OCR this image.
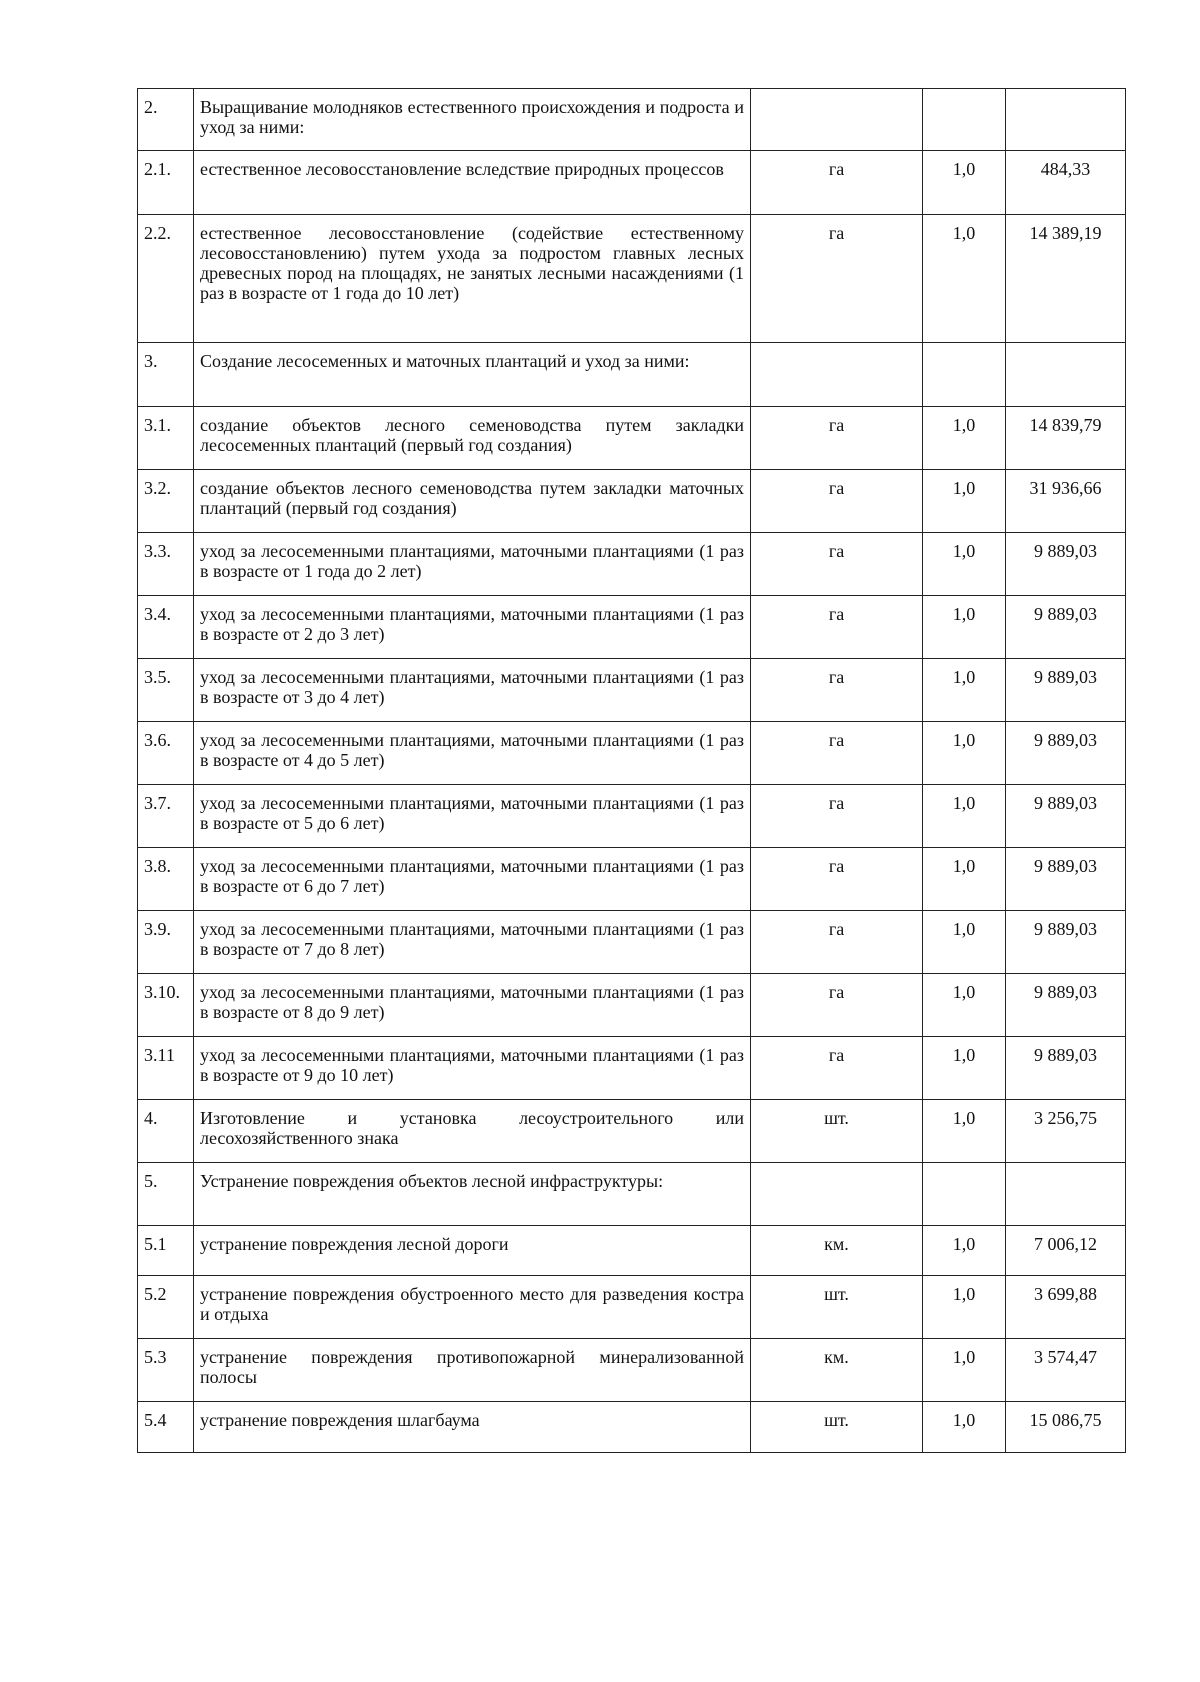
2.	Выращивание молодняков естественного происхождения и подроста и уход за ними:			
2.1.	естественное лесовосстановление вследствие природных процессов	га	1,0	484,33
2.2.	естественное лесовосстановление (содействие естественному лесовосстановлению) путем ухода за подростом главных лесных древесных пород на площадях, не занятых лесными насаждениями (1 раз в возрасте от 1 года до 10 лет)	га	1,0	14 389,19
3.	Создание лесосеменных и маточных плантаций и уход за ними:			
3.1.	создание объектов лесного семеноводства путем закладки лесосеменных плантаций (первый год создания)	га	1,0	14 839,79
3.2.	создание объектов лесного семеноводства путем закладки маточных плантаций (первый год создания)	га	1,0	31 936,66
3.3.	уход за лесосеменными плантациями, маточными плантациями (1 раз в возрасте от 1 года до 2 лет)	га	1,0	9 889,03
3.4.	уход за лесосеменными плантациями, маточными плантациями (1 раз в возрасте от 2 до 3 лет)	га	1,0	9 889,03
3.5.	уход за лесосеменными плантациями, маточными плантациями (1 раз в возрасте от 3 до 4 лет)	га	1,0	9 889,03
3.6.	уход за лесосеменными плантациями, маточными плантациями (1 раз в возрасте от 4 до 5 лет)	га	1,0	9 889,03
3.7.	уход за лесосеменными плантациями, маточными плантациями (1 раз в возрасте от 5 до 6 лет)	га	1,0	9 889,03
3.8.	уход за лесосеменными плантациями, маточными плантациями (1 раз в возрасте от 6 до 7 лет)	га	1,0	9 889,03
3.9.	уход за лесосеменными плантациями, маточными плантациями (1 раз в возрасте от 7 до 8 лет)	га	1,0	9 889,03
3.10.	уход за лесосеменными плантациями, маточными плантациями (1 раз в возрасте от 8 до 9 лет)	га	1,0	9 889,03
3.11	уход за лесосеменными плантациями, маточными плантациями (1 раз в возрасте от 9 до 10 лет)	га	1,0	9 889,03
4.	Изготовление и установка лесоустроительного или лесохозяйственного знака	шт.	1,0	3 256,75
5.	Устранение повреждения объектов лесной инфраструктуры:			
5.1	устранение повреждения лесной дороги	км.	1,0	7 006,12
5.2	устранение повреждения обустроенного место для разведения костра и отдыха	шт.	1,0	3 699,88
5.3	устранение повреждения противопожарной минерализованной полосы	км.	1,0	3 574,47
5.4	устранение повреждения шлагбаума	шт.	1,0	15 086,75
